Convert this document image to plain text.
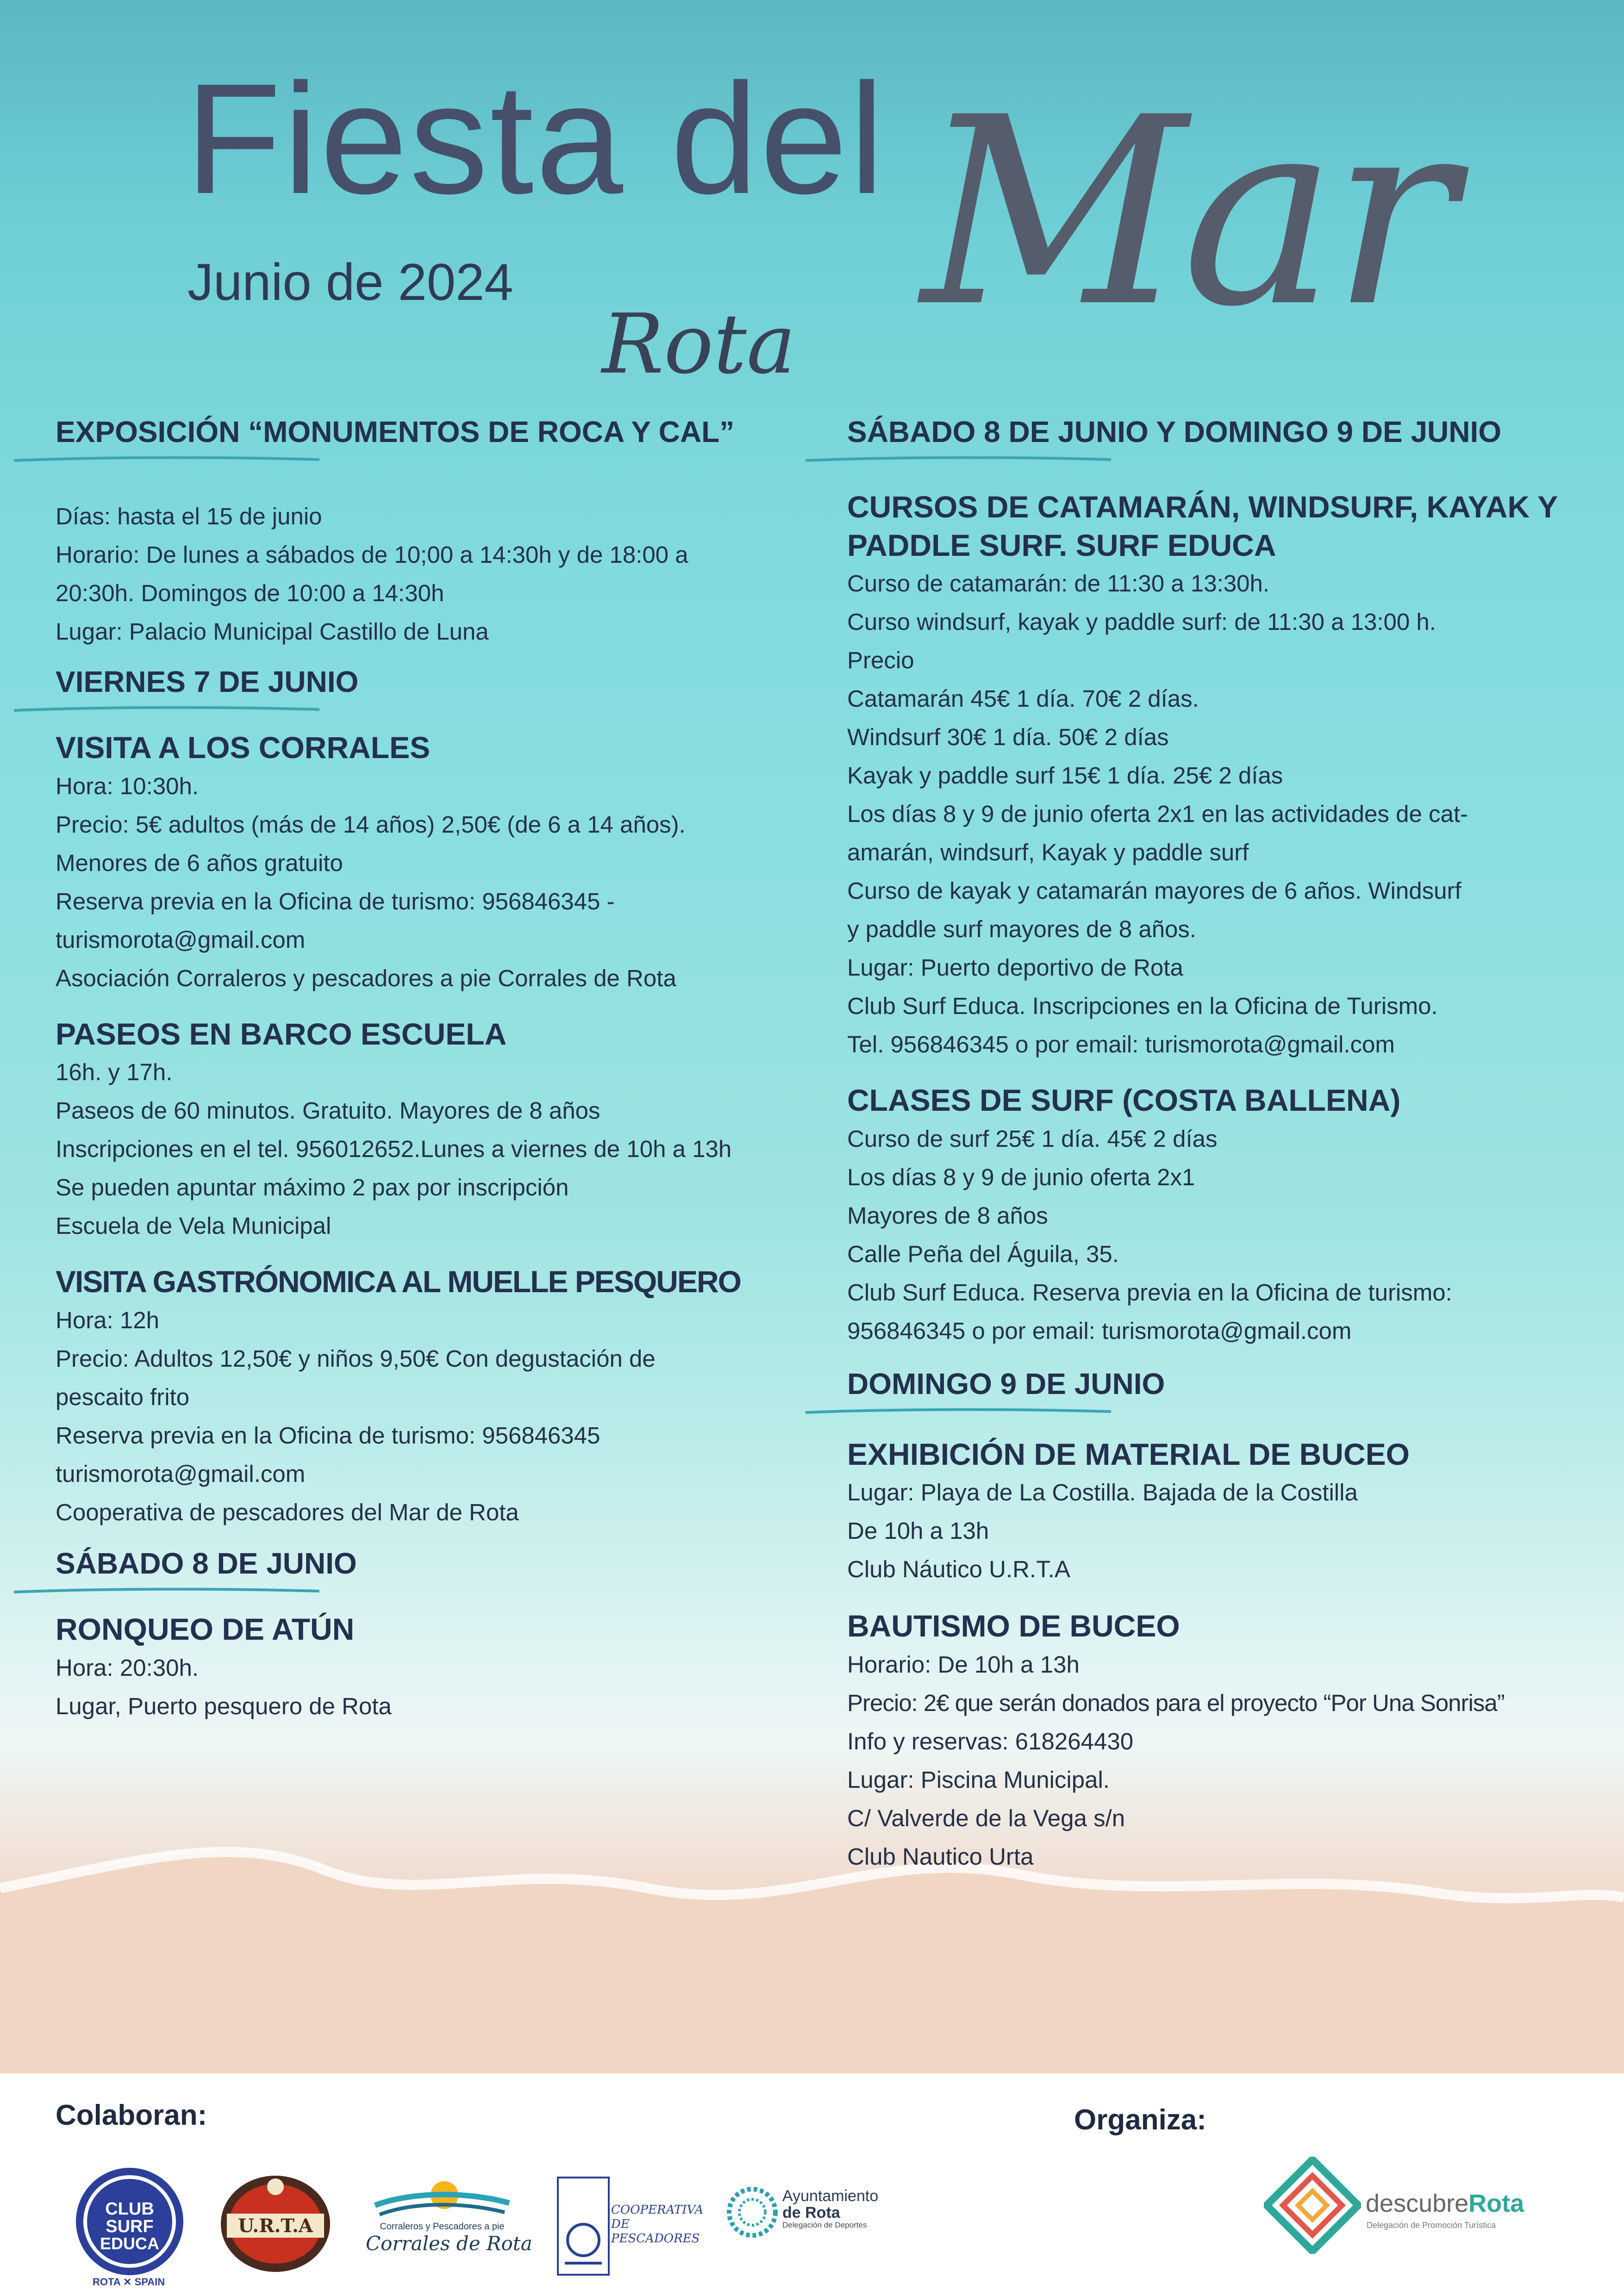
Mar
Fiesta del
Junio de 2024
Rota
EXPOSICIÓN “MONUMENTOS DE ROCA Y CAL”
Días: hasta el 15 de junio
Horario: De lunes a sábados de 10;00 a 14:30h y de 18:00 a
20:30h. Domingos de 10:00 a 14:30h
Lugar: Palacio Municipal Castillo de Luna
VIERNES 7 DE JUNIO
VISITA A LOS CORRALES
Hora: 10:30h.
Precio: 5€ adultos (más de 14 años) 2,50€ (de 6 a 14 años).
Menores de 6 años gratuito
Reserva previa en la Oficina de turismo: 956846345 -
turismorota@gmail.com
Asociación Corraleros y pescadores a pie Corrales de Rota
PASEOS EN BARCO ESCUELA
16h. y 17h.
Paseos de 60 minutos. Gratuito. Mayores de 8 años
Inscripciones en el tel. 956012652.Lunes a viernes de 10h a 13h
Se pueden apuntar máximo 2 pax por inscripción
Escuela de Vela Municipal
VISITA GASTRÓNOMICA AL MUELLE PESQUERO
Hora: 12h
Precio: Adultos 12,50€ y niños 9,50€ Con degustación de
pescaito frito
Reserva previa en la Oficina de turismo: 956846345
turismorota@gmail.com
Cooperativa de pescadores del Mar de Rota
SÁBADO 8 DE JUNIO
RONQUEO DE ATÚN
Hora: 20:30h.
Lugar, Puerto pesquero de Rota
SÁBADO 8 DE JUNIO Y DOMINGO 9 DE JUNIO
CURSOS DE CATAMARÁN, WINDSURF, KAYAK Y
PADDLE SURF. SURF EDUCA
Curso de catamarán: de 11:30 a 13:30h.
Curso windsurf, kayak y paddle surf: de 11:30 a 13:00 h.
Precio
Catamarán 45€ 1 día. 70€ 2 días.
Windsurf 30€ 1 día. 50€ 2 días
Kayak y paddle surf 15€ 1 día. 25€ 2 días
Los días 8 y 9 de junio oferta 2x1 en las actividades de cat-
amarán, windsurf, Kayak y paddle surf
Curso de kayak y catamarán mayores de 6 años. Windsurf
y paddle surf mayores de 8 años.
Lugar: Puerto deportivo de Rota
Club Surf Educa. Inscripciones en la Oficina de Turismo.
Tel. 956846345 o por email: turismorota@gmail.com
CLASES DE SURF (COSTA BALLENA)
Curso de surf 25€ 1 día. 45€ 2 días
Los días 8 y 9 de junio oferta 2x1
Mayores de 8 años
Calle Peña del Águila, 35.
Club Surf Educa. Reserva previa en la Oficina de turismo:
956846345 o por email: turismorota@gmail.com
DOMINGO 9 DE JUNIO
EXHIBICIÓN DE MATERIAL DE BUCEO
Lugar: Playa de La Costilla. Bajada de la Costilla
De 10h a 13h
Club Náutico U.R.T.A
BAUTISMO DE BUCEO
Horario: De 10h a 13h
Precio: 2€ que serán donados para el proyecto “Por Una Sonrisa”
Info y reservas: 618264430
Lugar: Piscina Municipal.
C/ Valverde de la Vega s/n
Club Nautico Urta
Colaboran:	Organiza:
CLUB
SURF
EDUCA
ROTA ✕ SPAIN
U.R.T.A	Corraleros y Pescadores a pie
Corrales de Rota
COOPERATIVA DE PESCADORES
Ayuntamiento
de Rota
Delegación de Deportes
descubreRota
Delegación de Promoción Turística
